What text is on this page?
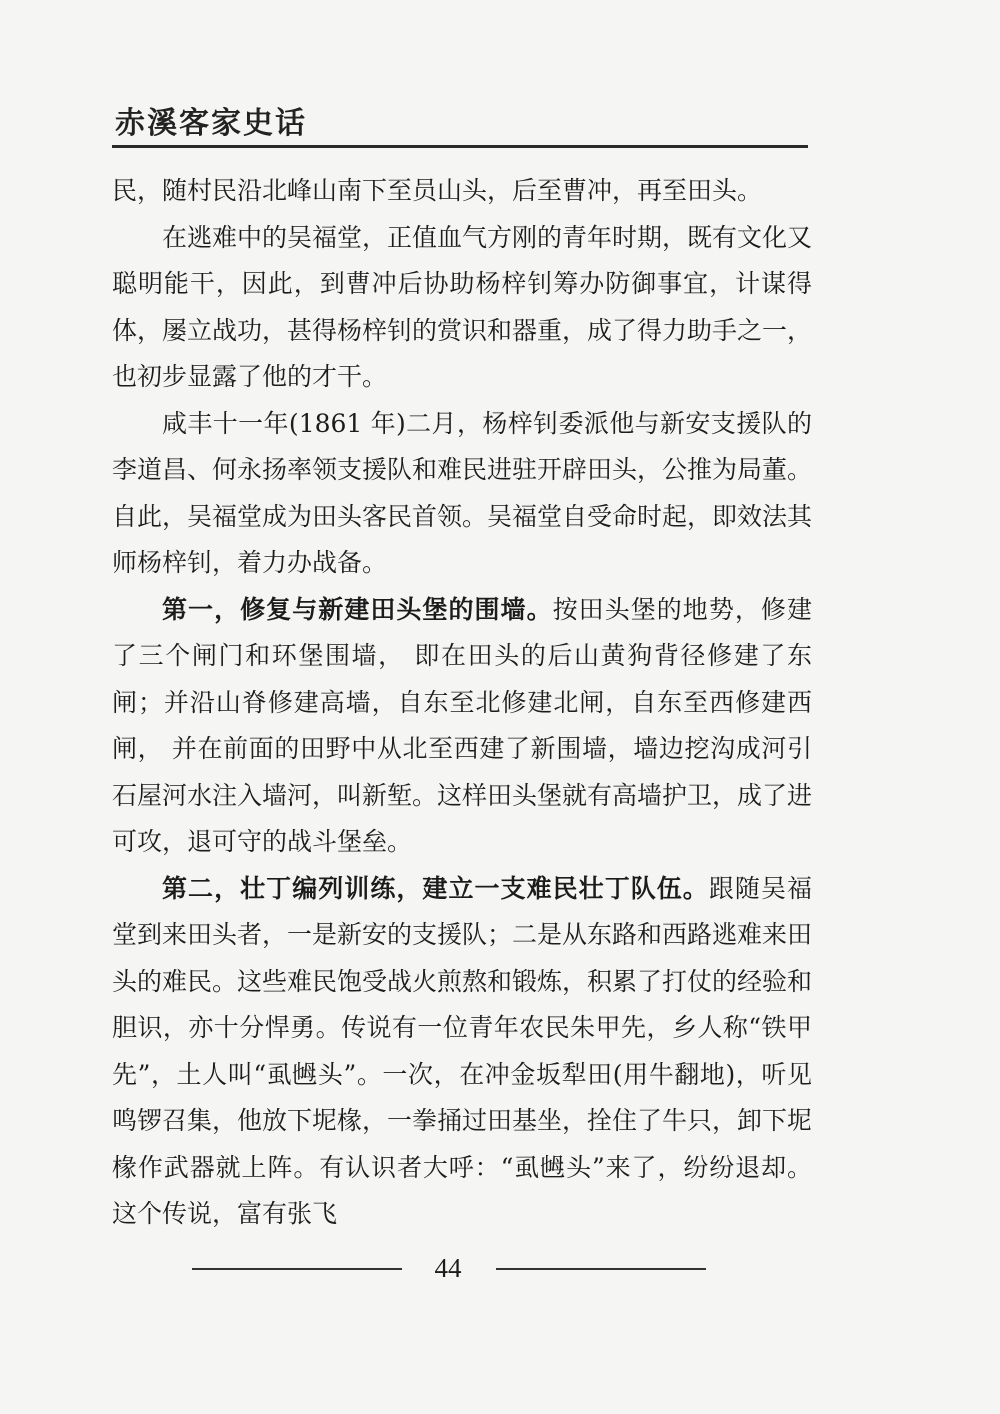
赤溪客家史话

民，随村民沿北峰山南下至员山头，后至曹冲，再至田头。

在逃难中的吴福堂，正值血气方刚的青年时期，既有文化又聪明能干，因此，到曹冲后协助杨梓钊筹办防御事宜，计谋得体，屡立战功，甚得杨梓钊的赏识和器重，成了得力助手之一，也初步显露了他的才干。

咸丰十一年(1861 年)二月，杨梓钊委派他与新安支援队的李道昌、何永扬率领支援队和难民进驻开辟田头，公推为局董。自此，吴福堂成为田头客民首领。吴福堂自受命时起，即效法其师杨梓钊，着力办战备。

第一，修复与新建田头堡的围墙。按田头堡的地势，修建了三个闸门和环堡围墙， 即在田头的后山黄狗背径修建了东闸；并沿山脊修建高墙，自东至北修建北闸，自东至西修建西闸， 并在前面的田野中从北至西建了新围墙，墙边挖沟成河引石屋河水注入墙河，叫新堑。这样田头堡就有高墙护卫，成了进可攻，退可守的战斗堡垒。

第二，壮丁编列训练，建立一支难民壮丁队伍。跟随吴福堂到来田头者，一是新安的支援队；二是从东路和西路逃难来田头的难民。这些难民饱受战火煎熬和锻炼，积累了打仗的经验和胆识，亦十分悍勇。传说有一位青年农民朱甲先，乡人称“铁甲先”，土人叫“虱乸头”。一次，在冲金坂犁田(用牛翻地)，听见鸣锣召集，他放下坭椽，一拳捅过田基坐，拴住了牛只，卸下坭椽作武器就上阵。有认识者大呼：“虱乸头”来了，纷纷退却。这个传说，富有张飞

44
